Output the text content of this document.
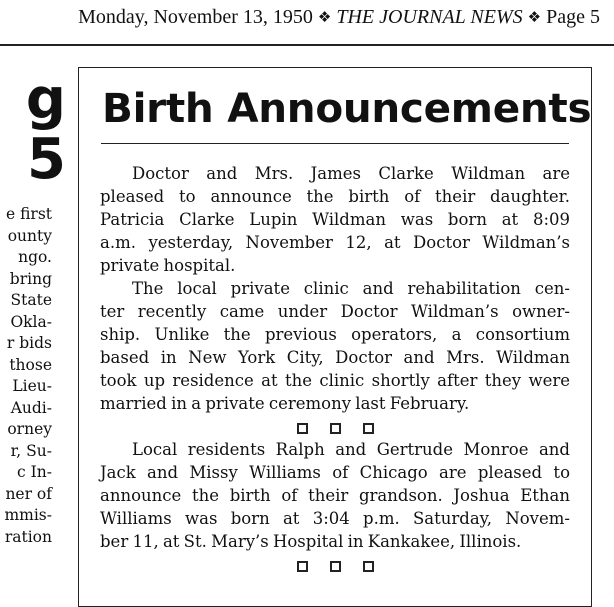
Monday, November 13, 1950 ❖ THE JOURNAL NEWS ❖ Page 5
g
5
e first
ounty
ngo.
bring
State
Okla-
r bids
those
Lieu-
Audi-
orney
r, Su-
c In-
ner of
mmis-
ration
Birth Announcements
Doctor and Mrs. James Clarke Wildman are
pleased to announce the birth of their daughter.
Patricia Clarke Lupin Wildman was born at 8:09
a.m. yesterday, November 12, at Doctor Wildman’s
private hospital.
The local private clinic and rehabilitation cen-
ter recently came under Doctor Wildman’s owner-
ship. Unlike the previous operators, a consortium
based in New York City, Doctor and Mrs. Wildman
took up residence at the clinic shortly after they were
married in a private ceremony last February.
Local residents Ralph and Gertrude Monroe and
Jack and Missy Williams of Chicago are pleased to
announce the birth of their grandson. Joshua Ethan
Williams was born at 3:04 p.m. Saturday, Novem-
ber 11, at St. Mary’s Hospital in Kankakee, Illinois.
